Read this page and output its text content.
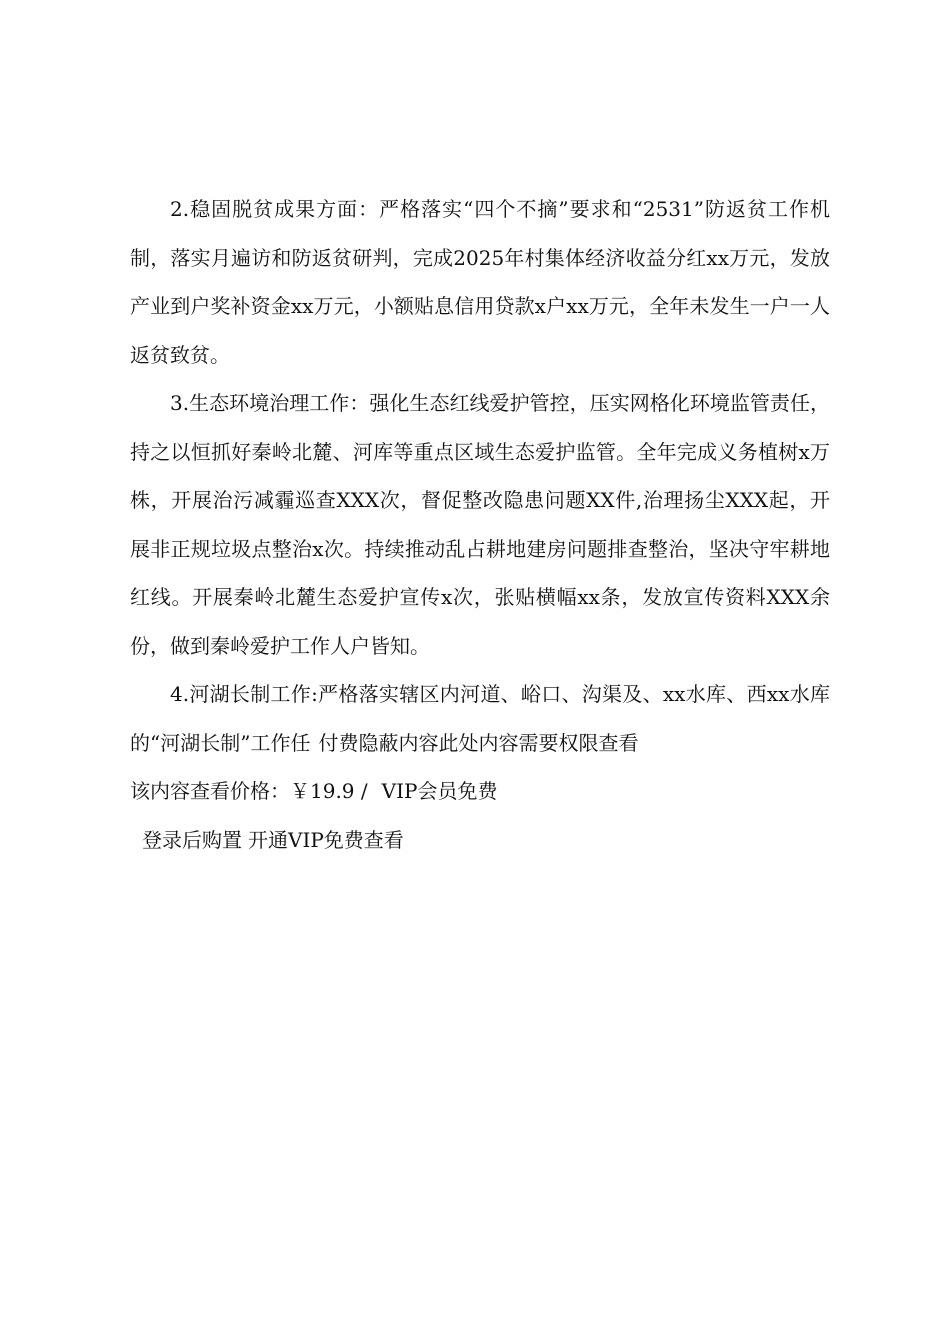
2.稳固脱贫成果方面：严格落实“四个不摘”要求和“2531”防返贫工作机制，落实月遍访和防返贫研判，完成2025年村集体经济收益分红xx万元，发放产业到户奖补资金xx万元，小额贴息信用贷款x户xx万元，全年未发生一户一人返贫致贫。

3.生态环境治理工作：强化生态红线爱护管控，压实网格化环境监管责任，持之以恒抓好秦岭北麓、河库等重点区域生态爱护监管。全年完成义务植树x万株，开展治污减霾巡查XXX次，督促整改隐患问题XX件,治理扬尘XXX起，开展非正规垃圾点整治x次。持续推动乱占耕地建房问题排查整治，坚决守牢耕地红线。开展秦岭北麓生态爱护宣传x次，张贴横幅xx条，发放宣传资料XXX余份，做到秦岭爱护工作人户皆知。

4.河湖长制工作:严格落实辖区内河道、峪口、沟渠及、xx水库、西xx水库的“河湖长制”工作任 付费隐蔽内容此处内容需要权限查看

该内容查看价格：￥19.9 / VIP会员免费

登录后购置 开通VIP免费查看
